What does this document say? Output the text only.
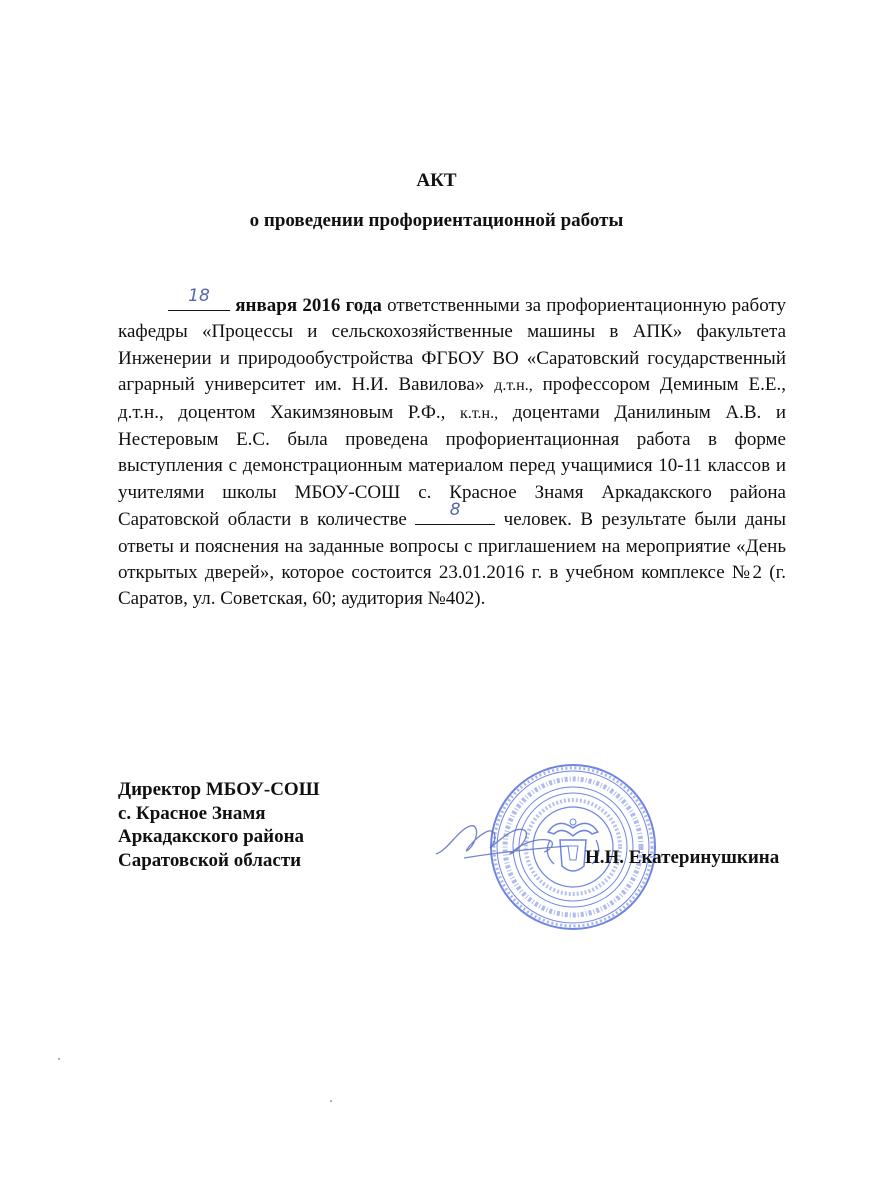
АКТ
о проведении профориентационной работы
18	января 2016 года ответственными за профориентационную работу кафедры «Процессы и сельскохозяйственные машины в АПК» факультета Инженерии и природообустройства ФГБОУ ВО «Саратовский государственный аграрный университет им. Н.И. Вавилова» д.т.н., профессором Деминым Е.Е., д.т.н., доцентом Хакимзяновым Р.Ф., к.т.н., доцентами Данилиным А.В. и Нестеровым Е.С. была проведена профориентационная работа в форме выступления с демонстрационным материалом перед учащимися 10-11 классов и учителями школы МБОУ-СОШ с. Красное Знамя Аркадакского района Саратовской области в количестве	8	человек. В результате были даны ответы и пояснения на заданные вопросы с приглашением на мероприятие «День открытых дверей», которое состоится 23.01.2016 г. в учебном комплексе №2 (г. Саратов, ул. Советская, 60; аудитория №402).
Директор МБОУ-СОШ
с. Красное Знамя
Аркадакского района
Саратовской области	Н.Н. Екатеринушкина
